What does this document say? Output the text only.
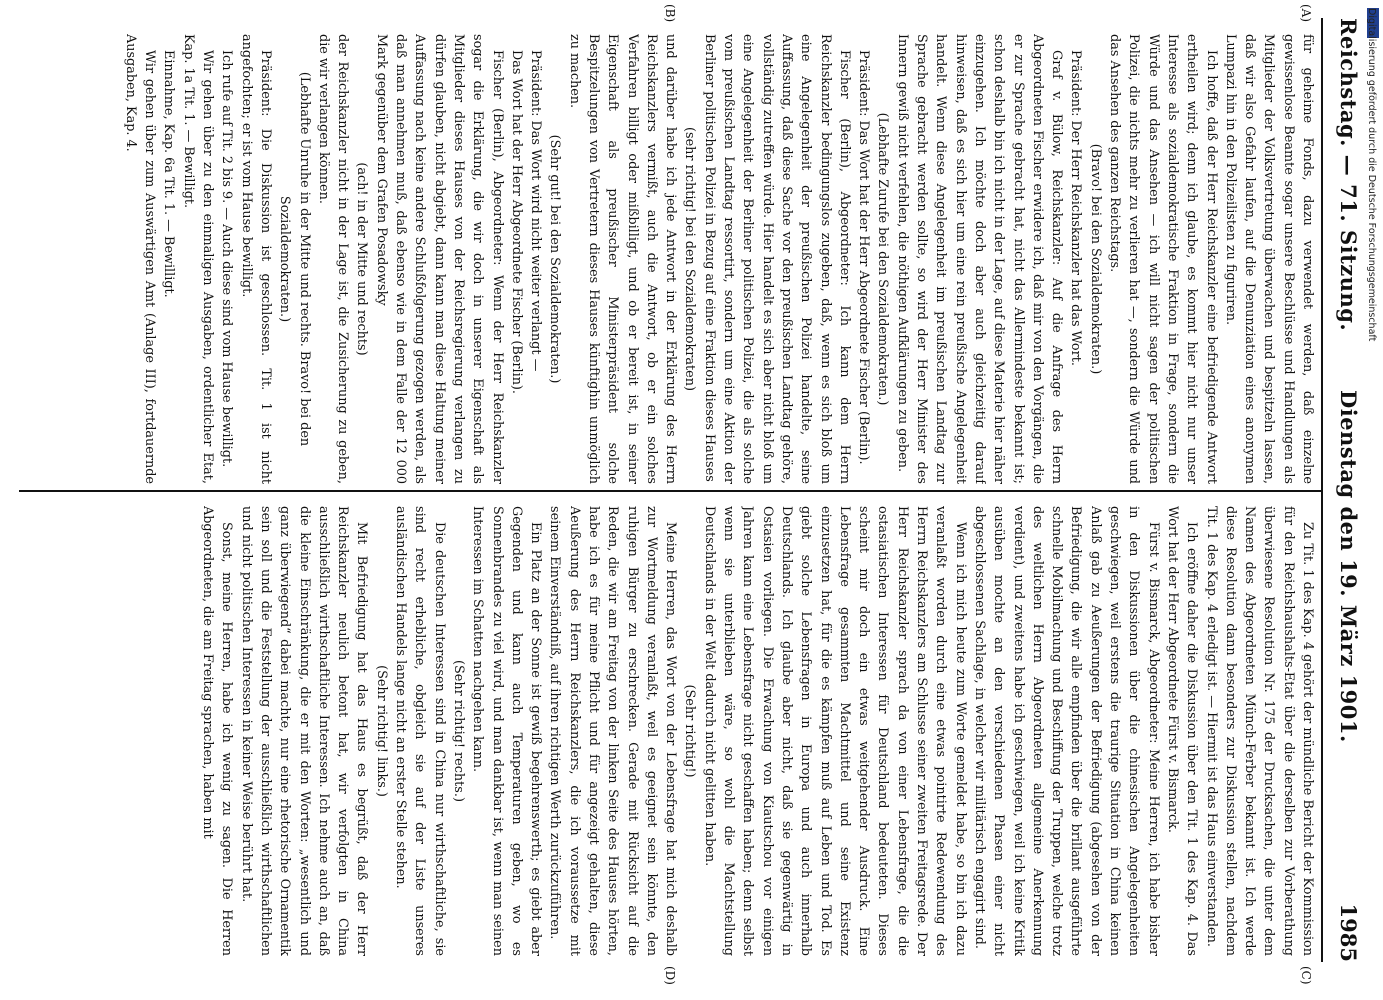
Reichstag. — 71. Sitzung.
Dienstag den 19. März 1901.
1985
(A)
(B)
(C)
(D)

für geheime Fonds, dazu verwendet werden, daß einzelne gewissenlose Beamte sogar unsere Beschlüsse und Handlungen als Mitglieder der Volksvertretung überwachen und bespitzeln lassen, daß wir also Gefahr laufen, auf die Denunziation eines anonymen Lumpazi hin in den Polizeilisten zu figuriren.

Ich hoffe, daß der Herr Reichskanzler eine befriedigende Antwort ertheilen wird; denn ich glaube, es kommt hier nicht nur unser Interesse als sozialdemokratische Fraktion in Frage, sondern die Würde und das Ansehen — ich will nicht sagen der politischen Polizei, die nichts mehr zu verlieren hat —, sondern die Würde und das Ansehen des ganzen Reichstags.

(Bravo! bei den Sozialdemokraten.)

Präsident: Der Herr Reichskanzler hat das Wort.

Graf v. Bülow, Reichskanzler: Auf die Anfrage des Herrn Abgeordneten Fischer erwidere ich, daß mir von den Vorgängen, die er zur Sprache gebracht hat, nicht das Allermindeste bekannt ist; schon deshalb bin ich nicht in der Lage, auf diese Materie hier näher einzugehen. Ich möchte doch aber auch gleichzeitig darauf hinweisen, daß es sich hier um eine rein preußische Angelegenheit handelt. Wenn diese Angelegenheit im preußischen Landtag zur Sprache gebracht werden sollte, so wird der Herr Minister des Innern gewiß nicht verfehlen, die nöthigen Aufklärungen zu geben.

(Lebhafte Zurufe bei den Sozialdemokraten.)

Präsident: Das Wort hat der Herr Abgeordnete Fischer (Berlin).

Fischer (Berlin), Abgeordneter: Ich kann dem Herrn Reichskanzler bedingungslos zugeben, daß, wenn es sich bloß um eine Angelegenheit der preußischen Polizei handelte, seine Auffassung, daß diese Sache vor den preußischen Landtag gehöre, vollständig zutreffen würde. Hier handelt es sich aber nicht bloß um eine Angelegenheit der Berliner politischen Polizei, die als solche vom preußischen Landtag ressortirt, sondern um eine Aktion der Berliner politischen Polizei in Bezug auf eine Fraktion dieses Hauses

(sehr richtig! bei den Sozialdemokraten)

und darüber habe ich jede Antwort in der Erklärung des Herrn Reichskanzlers vermißt, auch die Antwort, ob er ein solches Verfahren billigt oder mißbilligt, und ob er bereit ist, in seiner Eigenschaft als preußischer Ministerpräsident solche Bespitzelungen von Vertretern dieses Hauses künftighin unmöglich zu machen.

(Sehr gut! bei den Sozialdemokraten.)

Präsident: Das Wort wird nicht weiter verlangt —

Das Wort hat der Herr Abgeordnete Fischer (Berlin).

Fischer (Berlin), Abgeordneter: Wenn der Herr Reichskanzler sogar die Erklärung, die wir doch in unserer Eigenschaft als Mitglieder dieses Hauses von der Reichsregierung verlangen zu dürfen glauben, nicht abgiebt, dann kann man diese Haltung meiner Auffassung nach keine andere Schlußfolgerung gezogen werden, als daß man annehmen muß, daß ebenso wie in dem Falle der 12 000 Mark gegenüber dem Grafen Posadowsky

(ach! in der Mitte und rechts)

der Reichskanzler nicht in der Lage ist, die Zusicherung zu geben, die wir verlangen können.

(Lebhafte Unruhe in der Mitte und rechts. Bravo! bei den Sozialdemokraten.)

Präsident: Die Diskussion ist geschlossen. Tit. 1 ist nicht angefochten; er ist vom Hause bewilligt.

Ich rufe auf Tit. 2 bis 9. — Auch diese sind vom Hause bewilligt.

Wir gehen über zu den einmaligen Ausgaben, ordentlicher Etat, Kap. 1a Tit. 1. — Bewilligt.

Einnahme, Kap. 6a Tit. 1. — Bewilligt.

Wir gehen über zum Auswärtigen Amt (Anlage III), fortdauernde Ausgaben, Kap. 4.

Zu Tit. 1 des Kap. 4 gehört der mündliche Bericht der Kommission für den Reichshaushalts-Etat über die derselben zur Vorberathung überwiesene Resolution Nr. 175 der Drucksachen, die unter dem Namen des Abgeordneten Münch-Ferber bekannt ist. Ich werde diese Resolution dann besonders zur Diskussion stellen, nachdem Tit. 1 des Kap. 4 erledigt ist. — Hiermit ist das Haus einverstanden.

Ich eröffne daher die Diskussion über den Tit. 1 des Kap. 4. Das Wort hat der Herr Abgeordnete Fürst v. Bismarck.

Fürst v. Bismarck, Abgeordneter: Meine Herren, ich habe bisher in den Diskussionen über die chinesischen Angelegenheiten geschwiegen, weil erstens die traurige Situation in China keinen Anlaß gab zu Aeußerungen der Befriedigung (abgesehen von der Befriedigung, die wir alle empfinden über die brillant ausgeführte schnelle Mobilmachung und Beschiffung der Truppen, welche trotz des weltlichen Herrn Abgeordneten allgemeine Anerkennung verdient), und zweitens habe ich geschwiegen, weil ich keine Kritik ausüben mochte an den verschiedenen Phasen einer nicht abgeschlossenen Sachlage, in welcher wir militärisch engagirt sind.

Wenn ich mich heute zum Worte gemeldet habe, so bin ich dazu veranlaßt worden durch eine etwas pointirte Redewendung des Herrn Reichskanzlers am Schlusse seiner zweiten Freitagsrede. Der Herr Reichskanzler sprach da von einer Lebensfrage, die die ostasiatischen Interessen für Deutschland bedeuteten. Dieses scheint mir doch ein etwas weitgehender Ausdruck. Eine Lebensfrage gesammten Machtmittel und seine Existenz einzusetzen hat, für die es kämpfen muß auf Leben und Tod. Es giebt solche Lebensfragen in Europa und auch innerhalb Deutschlands. Ich glaube aber nicht, daß sie gegenwärtig in Ostasien vorliegen. Die Erwachung von Kiautschou vor einigen Jahren kann eine Lebensfrage nicht geschaffen haben; denn selbst wenn sie unterblieben wäre, so wohl die Machtstellung Deutschlands in der Welt dadurch nicht gelitten haben.

(Sehr richtig!)

Meine Herren, das Wort von der Lebensfrage hat mich deshalb zur Wortmeldung veranlaßt, weil es geeignet sein könnte, den ruhigen Bürger zu erschrecken. Gerade mit Rücksicht auf die Reden, die wir am Freitag von der linken Seite des Hauses hörten, habe ich es für meine Pflicht und für angezeigt gehalten, diese Aeußerung des Herrn Reichskanzlers, die ich voraussetze mit seinem Einverständniß, auf ihren richtigen Werth zurückzuführen.

Ein Platz an der Sonne ist gewiß begehrenswerth; es giebt aber Gegenden und kann auch Temperaturen geben, wo es Sonnenbrandes zu viel wird, und man dankbar ist, wenn man seinen Interessen im Schatten nachgehen kann.

(Sehr richtig! rechts.)

Die deutschen Interessen sind in China nur wirthschaftliche, sie sind recht erhebliche, obgleich sie auf der Liste unseres ausländischen Handels lange nicht an erster Stelle stehen.

(Sehr richtig! links.)

Mit Befriedigung hat das Haus es begrüßt, daß der Herr Reichskanzler neulich betont hat, wir verfolgten in China ausschließlich wirthschaftliche Interessen. Ich nehme auch an, daß die kleine Einschränkung, die er mit den Worten: „wesentlich und ganz überwiegend“ dabei machte, nur eine rhetorische Ornamentik sein soll und die Feststellung der ausschließlich wirthschaftlichen und nicht politischen Interessen in keiner Weise berührt hat.

Sonst, meine Herren, habe ich wenig zu sagen. Die Herren Abgeordneten, die am Freitag sprachen, haben mit

Digitalisierung gefördert durch die Deutsche Forschungsgemeinschaft
